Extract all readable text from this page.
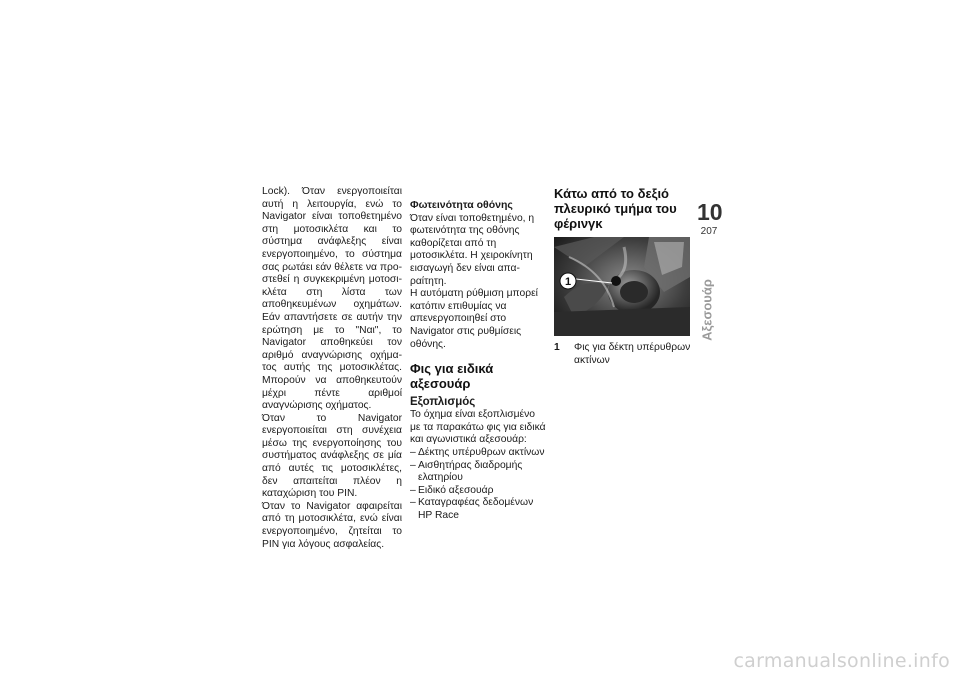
Lock). Όταν ενεργοποιείται αυτή η λειτουργία, ενώ το Navigator είναι τοποθετημένο στη μοτοσικλέτα και το σύστημα ανάφλεξης είναι ενεργοποιημένο, το σύστημα σας ρωτάει εάν θέλετε να προστεθεί η συγκεκριμένη μοτοσικλέτα στη λίστα των αποθηκευμένων οχημάτων. Εάν απαντήσετε σε αυτήν την ερώτηση με το "Ναι", το Navigator αποθηκεύει τον αριθμό αναγνώρισης οχήματος αυτής της μοτοσικλέτας. Μπορούν να αποθηκευτούν μέχρι πέντε αριθμοί αναγνώρισης οχήματος.

Όταν το Navigator ενεργοποιείται στη συνέχεια μέσω της ενεργοποίησης του συστήματος ανάφλεξης σε μία από αυτές τις μοτοσικλέτες, δεν απαιτείται πλέον η καταχώριση του PIN.

Όταν το Navigator αφαιρείται από τη μοτοσικλέτα, ενώ είναι ενεργοποιημένο, ζητείται το PIN για λόγους ασφαλείας.

Φωτεινότητα οθόνης

Όταν είναι τοποθετημένο, η φωτεινότητα της οθόνης καθορίζεται από τη μοτοσικλέτα. Η χειροκίνητη εισαγωγή δεν είναι απαραίτητη.

Η αυτόματη ρύθμιση μπορεί κατόπιν επιθυμίας να απενεργοποιηθεί στο Navigator στις ρυθμίσεις οθόνης.

Φις για ειδικά αξεσουάρ
Εξοπλισμός

Το όχημα είναι εξοπλισμένο με τα παρακάτω φις για ειδικά και αγωνιστικά αξεσουάρ:

– Δέκτης υπέρυθρων ακτίνων
– Αισθητήρας διαδρομής ελατηρίου
– Ειδικό αξεσουάρ
– Καταγραφέας δεδομένων HP Race
Κάτω από το δεξιό πλευρικό τμήμα του φέρινγκ
1
1	Φις για δέκτη υπέρυθρων ακτίνων
10
207
Αξεσουάρ
carmanualsonline.info
